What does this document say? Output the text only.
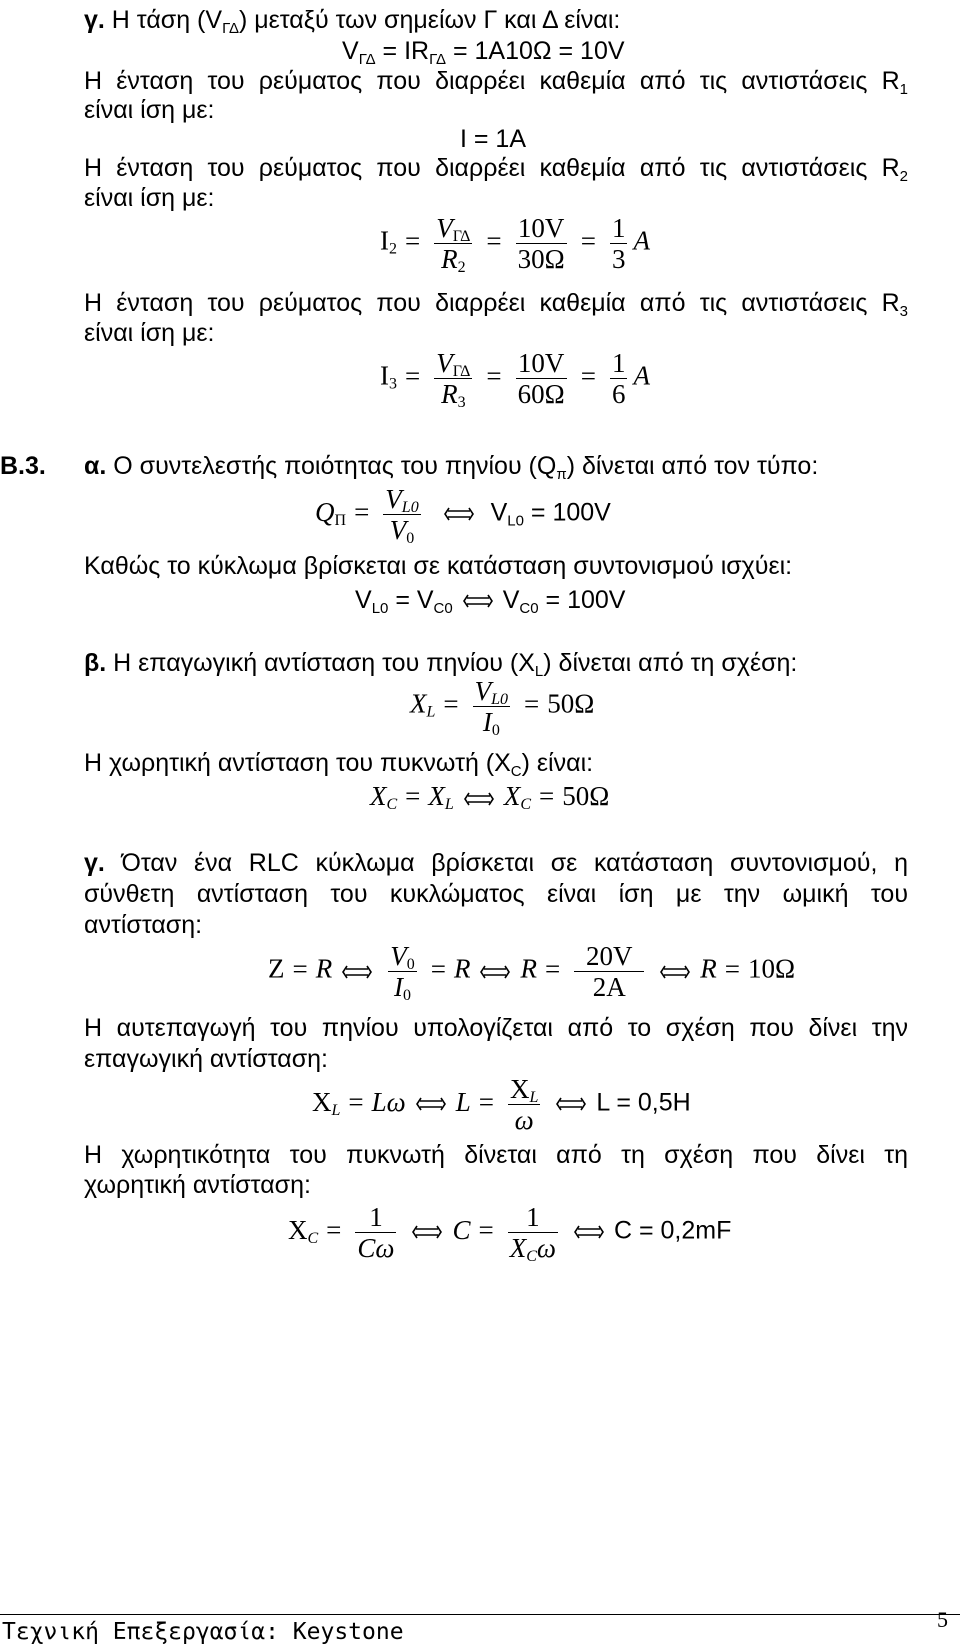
γ. Η τάση $(V_{\Gamma\Delta})$ μεταξύ των σημείων Γ και Δ είναι:
$V_{\Gamma\Delta} = IR_{\Gamma\Delta} = 1A10\Omega = 10V$
Η ένταση του ρεύματος που διαρρέει καθεμία από τις αντιστάσεις $R_1$
είναι ίση με:
I = 1A
Η ένταση του ρεύματος που διαρρέει καθεμία από τις αντιστάσεις $R_2$
είναι ίση με:
$I_2 = \frac{V_{\Gamma\Delta}}{R_2} = \frac{10V}{30\Omega} = \frac{1}{3}$ A
Η ένταση του ρεύματος που διαρρέει καθεμία από τις αντιστάσεις $R_3$
είναι ίση με:
$I_3 = \frac{V_{\Gamma\Delta}}{R_3} = \frac{10V}{60\Omega} = \frac{1}{6}$ A
Β.3. α. Ο συντελεστής ποιότητας του πηνίου $(Q_\pi)$ δίνεται από τον τύπο:
$Q_\Pi = \frac{V_{L0}}{V_0}$	$V_{L0} = 100V$
Καθώς το κύκλωμα βρίσκεται σε κατάσταση συντονισμού ισχύει:
$V_{L0} = V_{C0}$ $V_{C0} = 100V$
β. Η επαγωγική αντίσταση του πηνίου $(X_L)$ δίνεται από τη σχέση:
$X_L = \frac{V_{L0}}{I_0} = 50\Omega$
Η χωρητική αντίσταση του πυκνωτή $(X_C)$ είναι:
$X_C = X_L$ $X_C = 50\Omega$
γ. Όταν ένα RLC κύκλωμα βρίσκεται σε κατάσταση συντονισμού, η
σύνθετη αντίσταση του κυκλώματος είναι ίση με την ωμική του
αντίσταση:
Z = R $\frac{V_0}{I_0} = R$ $R = \frac{20V}{2A}$ R = 10Ω
Η αυτεπαγωγή του πηνίου υπολογίζεται από το σχέση που δίνει την
επαγωγική αντίσταση:
$X_L = L\omega$ $L = \frac{X_L}{\omega}$ L = 0,5H
Η χωρητικότητα του πυκνωτή δίνεται από τη σχέση που δίνει τη
χωρητική αντίσταση:
$X_C = \frac{1}{C\omega}$ $C = \frac{1}{X_C\omega}$ C = 0,2mF
Τεχνική Επεξεργασία: Keystone	5
